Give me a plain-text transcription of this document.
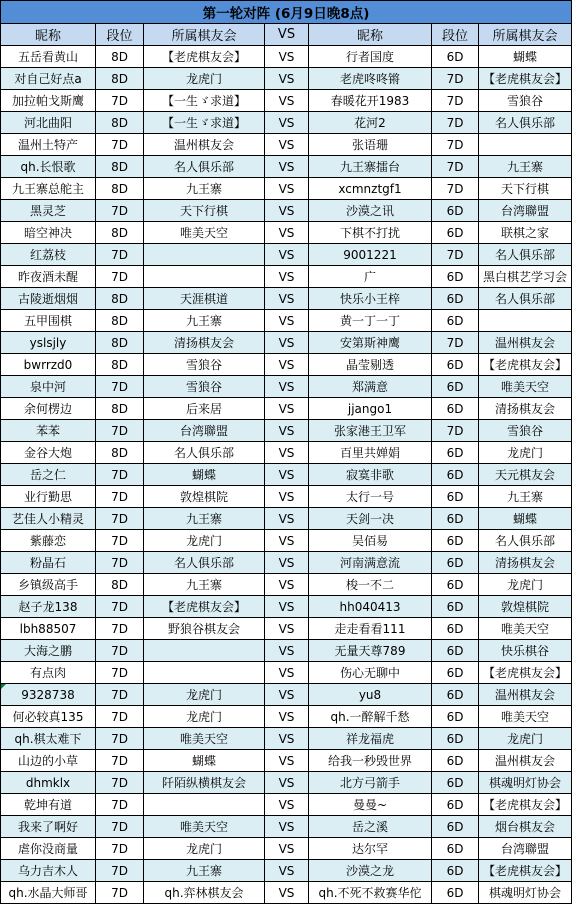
第一轮对阵 (6月9日晚8点)						
昵称	段位	所属棋友会	VS	昵称	段位	所属棋友会
五岳看黄山	8D	【老虎棋友会】	VS	行者国度	6D	蝴蝶
对自己好点a	8D	龙虎门	VS	老虎咚咚锵	7D	【老虎棋友会】
加拉帕戈斯鹰	7D	【一生ゞ求道】	VS	春暖花开1983	7D	雪狼谷
河北曲阳	8D	【一生ゞ求道】	VS	花河2	7D	名人俱乐部
温州土特产	7D	温州棋友会	VS	张语珊	7D	
qh.长恨歌	8D	名人俱乐部	VS	九王寨擂台	7D	九王寨
九王寨总舵主	8D	九王寨	VS	xcmnztgf1	7D	天下行棋
黑灵芝	7D	天下行棋	VS	沙漠之讯	6D	台湾聯盟
暗空神决	8D	唯美天空	VS	下棋不打扰	6D	联棋之家
红荔枝	7D		VS	9001221	7D	名人俱乐部
昨夜酒未醒	7D		VS	广	6D	黑白棋艺学习会
古陵逝烟烟	8D	天涯棋道	VS	快乐小王梓	6D	名人俱乐部
五甲围棋	8D	九王寨	VS	黄一丁一丁	6D	
yslsjly	8D	清扬棋友会	VS	安第斯神鹰	7D	温州棋友会
bwrrzd0	8D	雪狼谷	VS	晶莹剔透	6D	【老虎棋友会】
泉中河	7D	雪狼谷	VS	郑满意	6D	唯美天空
余何楞边	8D	后来居	VS	jjango1	6D	清扬棋友会
苯苯	7D	台湾聯盟	VS	张家港王卫军	7D	雪狼谷
金谷大炮	8D	名人俱乐部	VS	百里共婵娟	6D	龙虎门
岳之仁	7D	蝴蝶	VS	寂寞非歌	6D	天元棋友会
业行勤思	7D	敦煌棋院	VS	太行一号	6D	九王寨
艺佳人小精灵	7D	九王寨	VS	天剑一决	6D	蝴蝶
紫藤恋	7D	龙虎门	VS	吴佰易	6D	名人俱乐部
粉晶石	7D	名人俱乐部	VS	河南满意流	6D	清扬棋友会
乡镇级高手	8D	九王寨	VS	梭一不二	6D	龙虎门
赵子龙138	7D	【老虎棋友会】	VS	hh040413	6D	敦煌棋院
lbh88507	7D	野狼谷棋友会	VS	走走看看111	6D	唯美天空
大海之鹏	7D		VS	无量天尊789	6D	快乐棋谷
有点肉	7D		VS	伤心无聊中	6D	【老虎棋友会】
9328738	7D	龙虎门	VS	yu8	6D	温州棋友会
何必较真135	7D	龙虎门	VS	qh.一醉解千愁	6D	唯美天空
qh.棋太难下	7D	唯美天空	VS	祥龙福虎	6D	龙虎门
山边的小草	7D	蝴蝶	VS	给我一秒毁世界	6D	温州棋友会
dhmklx	7D	阡陌纵横棋友会	VS	北方弓箭手	6D	棋魂明灯协会
乾坤有道	7D		VS	曼曼~	6D	【老虎棋友会】
我来了啊好	7D	唯美天空	VS	岳之溪	6D	烟台棋友会
虐你没商量	7D	龙虎门	VS	达尔罕	6D	台湾聯盟
乌力吉木人	7D	九王寨	VS	沙漠之龙	6D	【老虎棋友会】
qh.水晶大师哥	7D	qh.弈林棋友会	VS	qh.不死不救赛华佗	6D	棋魂明灯协会
